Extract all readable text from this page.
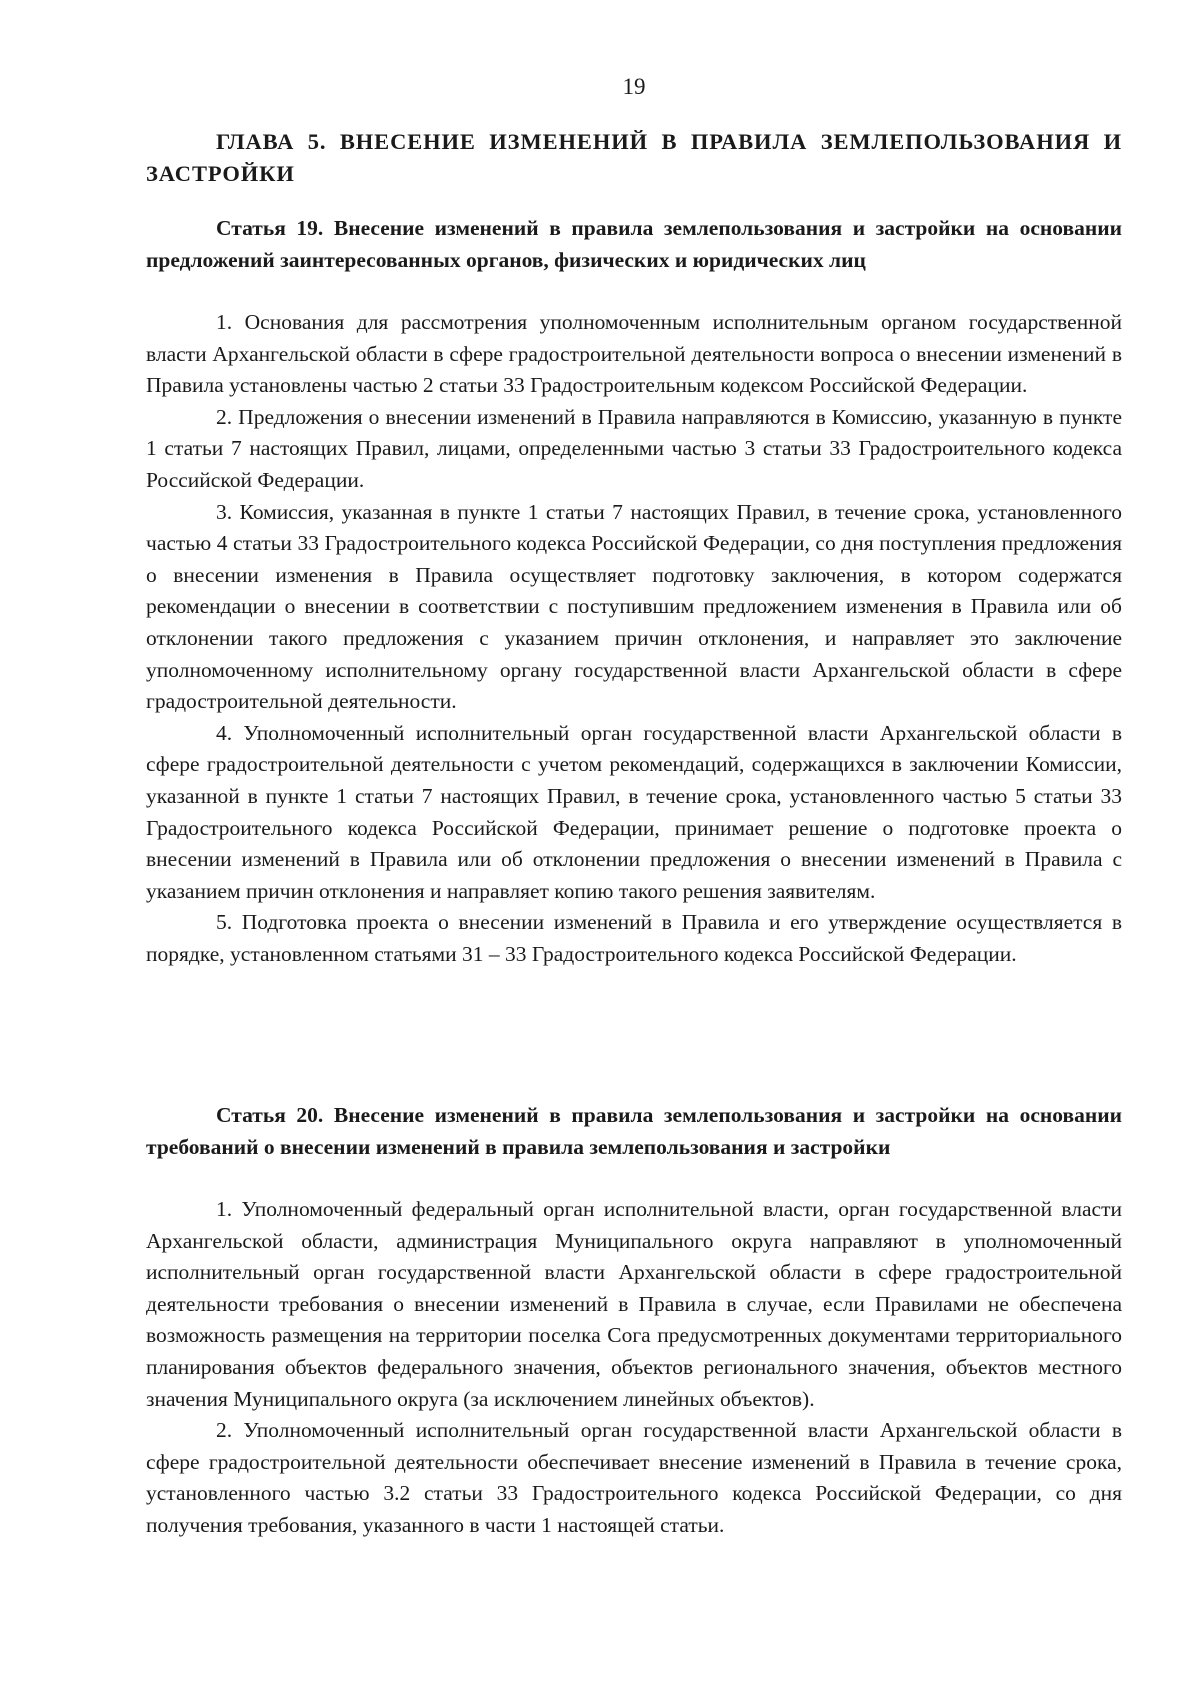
19
ГЛАВА 5. ВНЕСЕНИЕ ИЗМЕНЕНИЙ В ПРАВИЛА ЗЕМЛЕПОЛЬЗОВАНИЯ И ЗАСТРОЙКИ
Статья 19. Внесение изменений в правила землепользования и застройки на основании предложений заинтересованных органов, физических и юридических лиц

1. Основания для рассмотрения уполномоченным исполнительным органом государственной власти Архангельской области в сфере градостроительной деятельности вопроса о внесении изменений в Правила установлены частью 2 статьи 33 Градостроительным кодексом Российской Федерации.

2. Предложения о внесении изменений в Правила направляются в Комиссию, указанную в пункте 1 статьи 7 настоящих Правил, лицами, определенными частью 3 статьи 33 Градостроительного кодекса Российской Федерации.

3. Комиссия, указанная в пункте 1 статьи 7 настоящих Правил, в течение срока, установленного частью 4 статьи 33 Градостроительного кодекса Российской Федерации, со дня поступления предложения о внесении изменения в Правила осуществляет подготовку заключения, в котором содержатся рекомендации о внесении в соответствии с поступившим предложением изменения в Правила или об отклонении такого предложения с указанием причин отклонения, и направляет это заключение уполномоченному исполнительному органу государственной власти Архангельской области в сфере градостроительной деятельности.

4. Уполномоченный исполнительный орган государственной власти Архангельской области в сфере градостроительной деятельности с учетом рекомендаций, содержащихся в заключении Комиссии, указанной в пункте 1 статьи 7 настоящих Правил, в течение срока, установленного частью 5 статьи 33 Градостроительного кодекса Российской Федерации, принимает решение о подготовке проекта о внесении изменений в Правила или об отклонении предложения о внесении изменений в Правила с указанием причин отклонения и направляет копию такого решения заявителям.

5. Подготовка проекта о внесении изменений в Правила и его утверждение осуществляется в порядке, установленном статьями 31 – 33 Градостроительного кодекса Российской Федерации.

Статья 20. Внесение изменений в правила землепользования и застройки на основании требований о внесении изменений в правила землепользования и застройки

1. Уполномоченный федеральный орган исполнительной власти, орган государственной власти Архангельской области, администрация Муниципального округа направляют в уполномоченный исполнительный орган государственной власти Архангельской области в сфере градостроительной деятельности требования о внесении изменений в Правила в случае, если Правилами не обеспечена возможность размещения на территории поселка Сога предусмотренных документами территориального планирования объектов федерального значения, объектов регионального значения, объектов местного значения Муниципального округа (за исключением линейных объектов).

2. Уполномоченный исполнительный орган государственной власти Архангельской области в сфере градостроительной деятельности обеспечивает внесение изменений в Правила в течение срока, установленного частью 3.2 статьи 33 Градостроительного кодекса Российской Федерации, со дня получения требования, указанного в части 1 настоящей статьи.
